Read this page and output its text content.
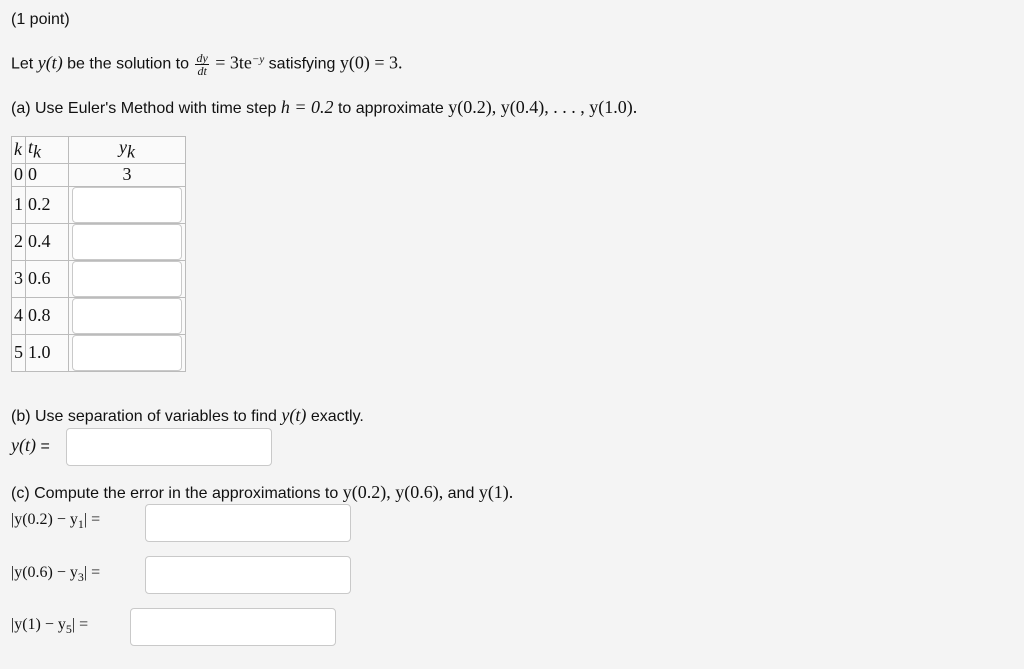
(1 point)
Let y(t) be the solution to $\frac{dy}{dt} = 3te^{-y}$ satisfying y(0) = 3.
(a) Use Euler's Method with time step h = 0.2 to approximate y(0.2), y(0.4), . . . , y(1.0).
k	$t_k$	$y_k$
0	0	3
1	0.2	

2	0.4	

3	0.6	

4	0.8	

5	1.0	
(b) Use separation of variables to find y(t) exactly.
y(t) =
(c) Compute the error in the approximations to y(0.2), y(0.6), and y(1).
$|y(0.2) - y_1|$ =
$|y(0.6) - y_3|$ =
$|y(1) - y_5|$ =
